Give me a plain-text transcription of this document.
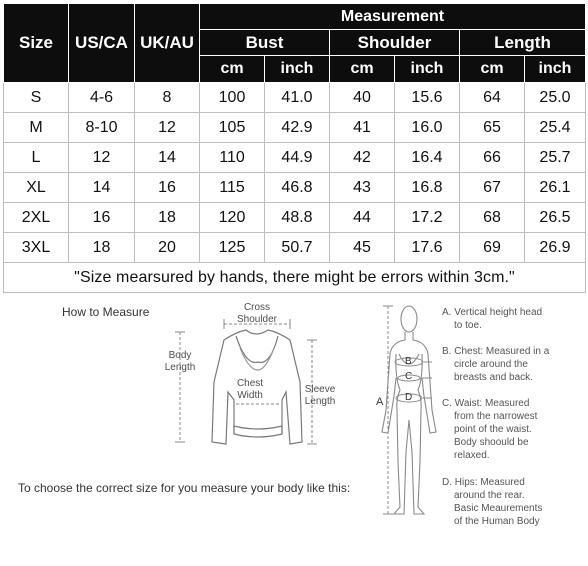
Size	US/CA	UK/AU	Measurement					
			Bust		Shoulder		Length	
			cm	inch	cm	inch	cm	inch
S	4-6	8	100	41.0	40	15.6	64	25.0
M	8-10	12	105	42.9	41	16.0	65	25.4
L	12	14	110	44.9	42	16.4	66	25.7
XL	14	16	115	46.8	43	16.8	67	26.1
2XL	16	18	120	48.8	44	17.2	68	26.5
3XL	18	20	125	50.7	45	17.6	69	26.9
"Size mearsured by hands, there might be errors within 3cm."								
How to Measure	Cross
Shoulder
Body
Length
Chest
Width
Sleeve
Length
To choose the correct size for you measure your body like this:
A
B
C
D
A. Vertical height head
to toe.
B. Chest: Measured in a
circle around the
breasts and back.
C. Waist: Measured
from the narrowest
point of the waist.
Body shoould be
relaxed.
D. Hips: Measured
around the rear.
Basic Meaurements
of the Human Body
